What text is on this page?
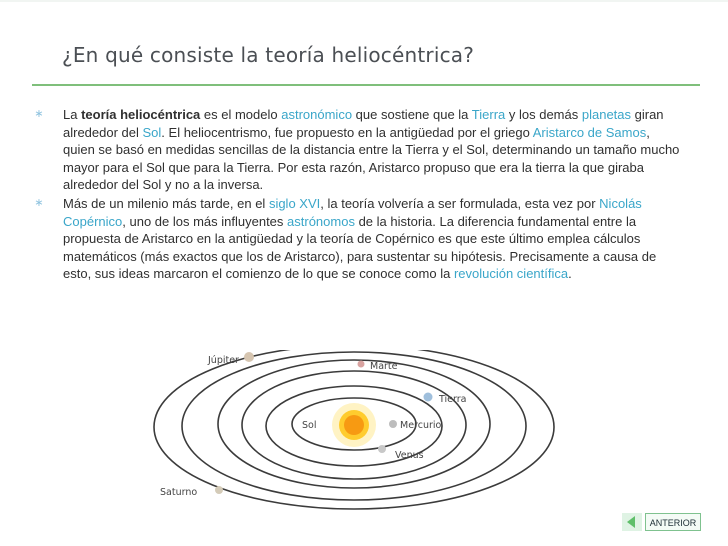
¿En qué consiste la teoría heliocéntrica?
∗ La teoría heliocéntrica es el modelo astronómico que sostiene que la Tierra y los demás planetas giran alrededor del Sol. El heliocentrismo, fue propuesto en la antigüedad por el griego Aristarco de Samos, quien se basó en medidas sencillas de la distancia entre la Tierra y el Sol, determinando un tamaño mucho mayor para el Sol que para la Tierra. Por esta razón, Aristarco propuso que era la tierra la que giraba alrededor del Sol y no a la inversa.
∗ Más de un milenio más tarde, en el siglo XVI, la teoría volvería a ser formulada, esta vez por Nicolás Copérnico, uno de los más influyentes astrónomos de la historia. La diferencia fundamental entre la propuesta de Aristarco en la antigüedad y la teoría de Copérnico es que este último emplea cálculos matemáticos (más exactos que los de Aristarco), para sustentar su hipótesis. Precisamente a causa de esto, sus ideas marcaron el comienzo de lo que se conoce como la revolución científica.
Sol	Mercurio
Venus
Tierra
Marte
Júpiter
Saturno
ANTERIOR
